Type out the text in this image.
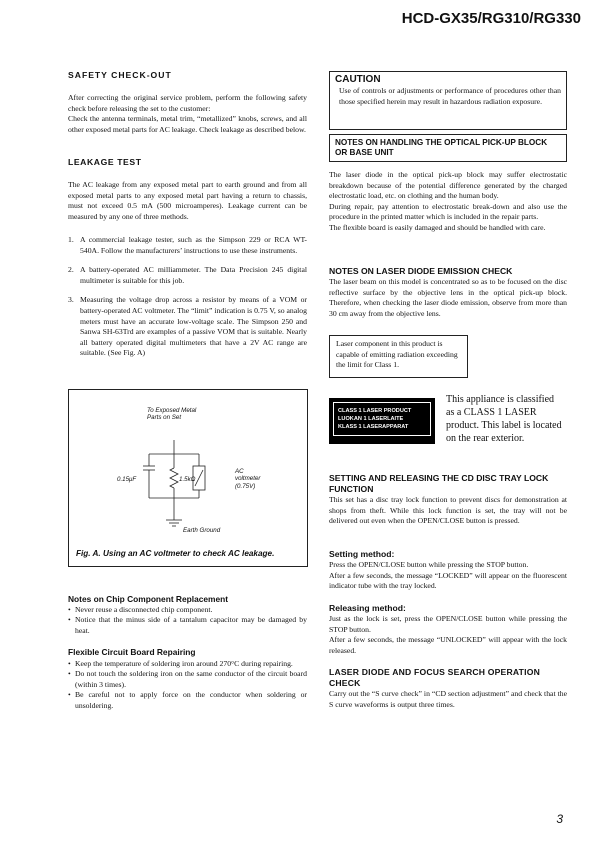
HCD-GX35/RG310/RG330
SAFETY CHECK-OUT

After correcting the original service problem, perform the following safety check before releasing the set to the customer:

Check the antenna terminals, metal trim, “metallized” knobs, screws, and all other exposed metal parts for AC leakage. Check leakage as described below.

LEAKAGE TEST

The AC leakage from any exposed metal part to earth ground and from all exposed metal parts to any exposed metal part having a return to chassis, must not exceed 0.5 mA (500 microamperes). Leakage current can be measured by any one of three methods.

1. A commercial leakage tester, such as the Simpson 229 or RCA WT-540A. Follow the manufacturers’ instructions to use these instruments.
2. A battery-operated AC milliammeter. The Data Precision 245 digital multimeter is suitable for this job.
3. Measuring the voltage drop across a resistor by means of a VOM or battery-operated AC voltmeter. The “limit” indication is 0.75 V, so analog meters must have an accurate low-voltage scale. The Simpson 250 and Sanwa SH-63Trd are examples of a passive VOM that is suitable. Nearly all battery operated digital multimeters that have a 2V AC range are suitable. (See Fig. A)
To Exposed Metal
Parts on Set
0.15μF	1.5kΩ
AC
voltmeter
(0.75V)
Earth Ground
Fig. A. Using an AC voltmeter to check AC leakage.
Notes on Chip Component Replacement
• Never reuse a disconnected chip component.
• Notice that the minus side of a tantalum capacitor may be damaged by heat.
Flexible Circuit Board Repairing
• Keep the temperature of soldering iron around 270°C during repairing.
• Do not touch the soldering iron on the same conductor of the circuit board (within 3 times).
• Be careful not to apply force on the conductor when soldering or unsoldering.
CAUTION

Use of controls or adjustments or performance of procedures other than those specified herein may result in hazardous radiation exposure.

NOTES ON HANDLING THE OPTICAL PICK-UP BLOCK OR BASE UNIT

The laser diode in the optical pick-up block may suffer electrostatic breakdown because of the potential difference generated by the charged electrostatic load, etc. on clothing and the human body.

During repair, pay attention to electrostatic break-down and also use the procedure in the printed matter which is included in the repair parts.

The flexible board is easily damaged and should be handled with care.

NOTES ON LASER DIODE EMISSION CHECK

The laser beam on this model is concentrated so as to be focused on the disc reflective surface by the objective lens in the optical pick-up block. Therefore, when checking the laser diode emission, observe from more than 30 cm away from the objective lens.

Laser component in this product is capable of emitting radiation exceeding the limit for Class 1.

CLASS 1 LASER PRODUCT
LUOKAN 1 LASERLAITE
KLASS 1 LASERAPPARAT
This appliance is classified as a CLASS 1 LASER product. This label is located on the rear exterior.
SETTING AND RELEASING THE CD DISC TRAY LOCK FUNCTION

This set has a disc tray lock function to prevent discs for demonstration at shops from theft. While this lock function is set, the tray will not be delivered out even when the OPEN/CLOSE button is pressed.

Setting method:

Press the OPEN/CLOSE button while pressing the STOP button.

After a few seconds, the message “LOCKED” will appear on the fluorescent indicator tube with the tray locked.

Releasing method:

Just as the lock is set, press the OPEN/CLOSE button while pressing the STOP button.

After a few seconds, the message “UNLOCKED” will appear with the lock released.

LASER DIODE AND FOCUS SEARCH OPERATION CHECK

Carry out the “S curve check” in “CD section adjustment” and check that the S curve waveforms is output three times.

3
